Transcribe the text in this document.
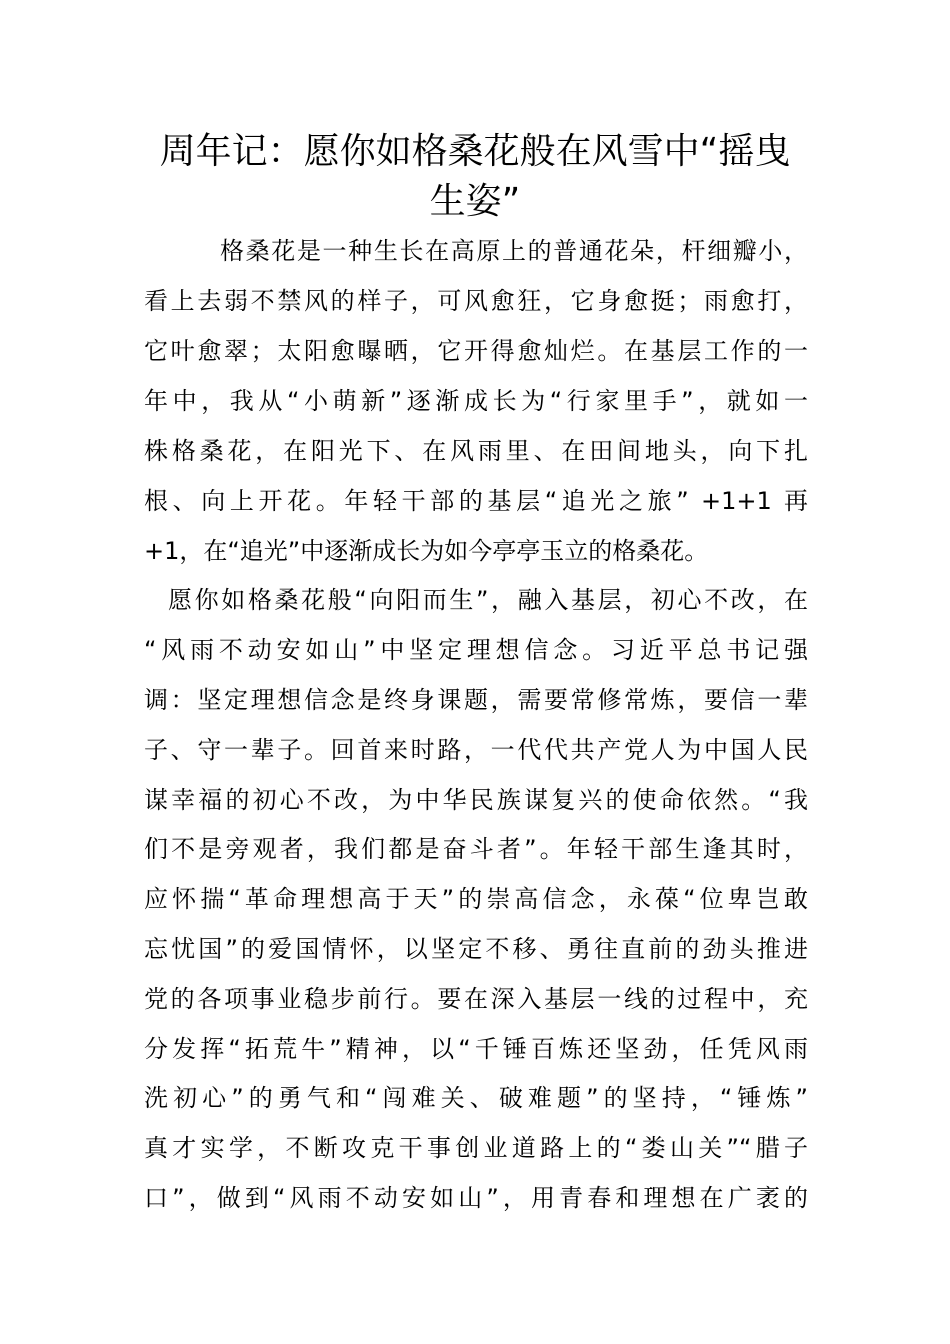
周年记：愿你如格桑花般在风雪中“摇曳
生姿”
格桑花是一种生长在高原上的普通花朵，杆细瓣小，
看上去弱不禁风的样子，可风愈狂，它身愈挺；雨愈打，
它叶愈翠；太阳愈曝晒，它开得愈灿烂。在基层工作的一
年中，我从“小萌新”逐渐成长为“行家里手”，就如一
株格桑花，在阳光下、在风雨里、在田间地头，向下扎
根、向上开花。年轻干部的基层“追光之旅” +1+1 再
+1，在“追光”中逐渐成长为如今亭亭玉立的格桑花。
愿你如格桑花般“向阳而生”，融入基层，初心不改，在
“风雨不动安如山”中坚定理想信念。习近平总书记强
调：坚定理想信念是终身课题，需要常修常炼，要信一辈
子、守一辈子。回首来时路，一代代共产党人为中国人民
谋幸福的初心不改，为中华民族谋复兴的使命依然。“我
们不是旁观者，我们都是奋斗者”。年轻干部生逢其时，
应怀揣“革命理想高于天”的崇高信念，永葆“位卑岂敢
忘忧国”的爱国情怀，以坚定不移、勇往直前的劲头推进
党的各项事业稳步前行。要在深入基层一线的过程中，充
分发挥“拓荒牛”精神，以“千锤百炼还坚劲，任凭风雨
洗初心”的勇气和“闯难关、破难题”的坚持，“锤炼”
真才实学，不断攻克干事创业道路上的“娄山关”“腊子
口”，做到“风雨不动安如山”，用青春和理想在广袤的
